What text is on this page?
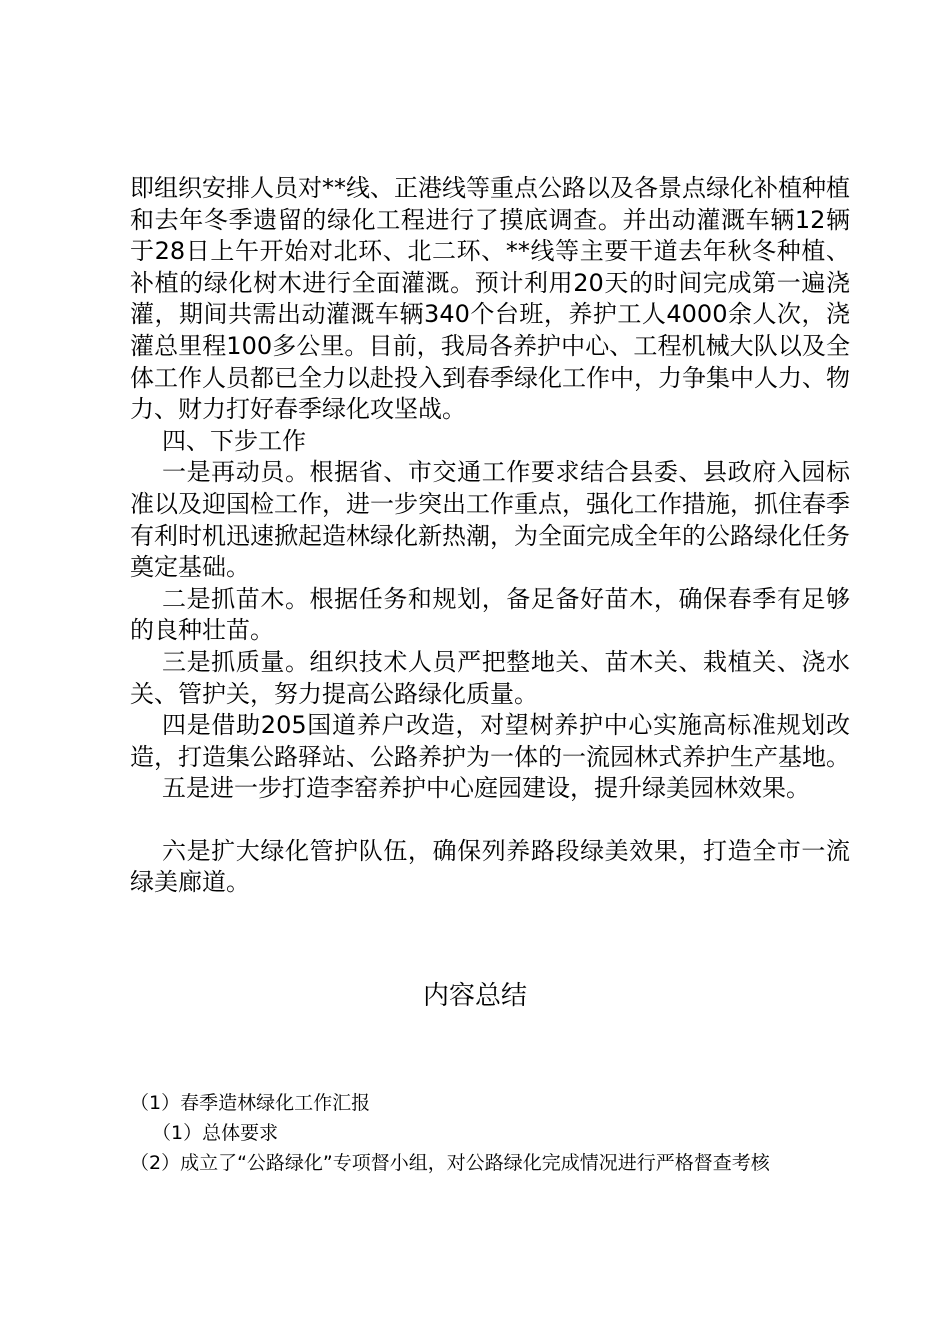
即组织安排人员对**线、正港线等重点公路以及各景点绿化补植种植和去年冬季遗留的绿化工程进行了摸底调查。并出动灌溉车辆12辆于28日上午开始对北环、北二环、**线等主要干道去年秋冬种植、补植的绿化树木进行全面灌溉。预计利用20天的时间完成第一遍浇灌，期间共需出动灌溉车辆340个台班，养护工人4000余人次，浇灌总里程100多公里。目前，我局各养护中心、工程机械大队以及全体工作人员都已全力以赴投入到春季绿化工作中，力争集中人力、物力、财力打好春季绿化攻坚战。

四、下步工作

一是再动员。根据省、市交通工作要求结合县委、县政府入园标准以及迎国检工作，进一步突出工作重点，强化工作措施，抓住春季有利时机迅速掀起造林绿化新热潮，为全面完成全年的公路绿化任务奠定基础。

二是抓苗木。根据任务和规划，备足备好苗木，确保春季有足够的良种壮苗。

三是抓质量。组织技术人员严把整地关、苗木关、栽植关、浇水关、管护关，努力提高公路绿化质量。

四是借助205国道养户改造，对望树养护中心实施高标准规划改造，打造集公路驿站、公路养护为一体的一流园林式养护生产基地。

五是进一步打造李窑养护中心庭园建设，提升绿美园林效果。

六是扩大绿化管护队伍，确保列养路段绿美效果，打造全市一流绿美廊道。

内容总结
（1）春季造林绿化工作汇报
（1）总体要求
（2）成立了“公路绿化”专项督小组，对公路绿化完成情况进行严格督查考核
